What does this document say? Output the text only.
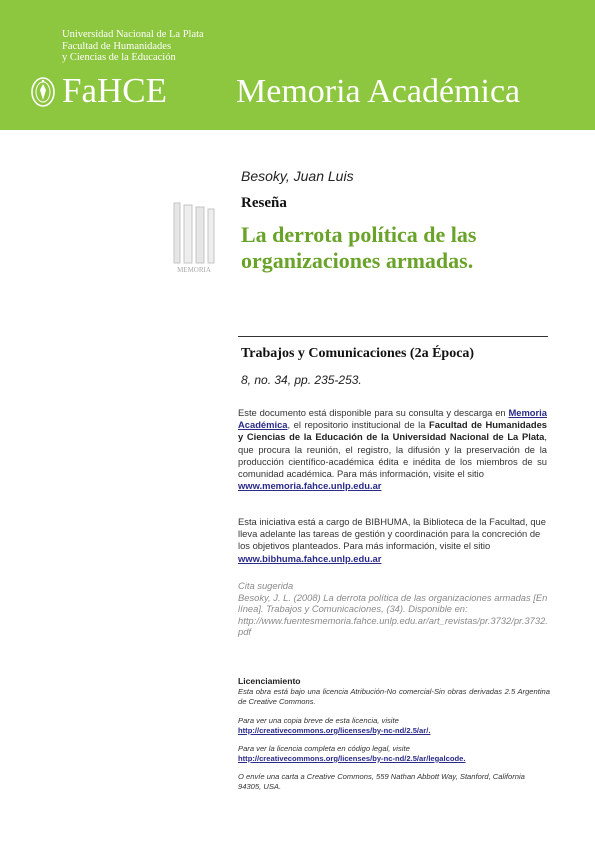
Universidad Nacional de La Plata
Facultad de Humanidades
y Ciencias de la Educación
FaHCE Memoria Académica
MEMORIA
Besoky, Juan Luis
Reseña
La derrota política de las organizaciones armadas.
Trabajos y Comunicaciones (2a Época)
8, no. 34, pp. 235-253.
Este documento está disponible para su consulta y descarga en Memoria Académica, el repositorio institucional de la Facultad de Humanidades y Ciencias de la Educación de la Universidad Nacional de La Plata, que procura la reunión, el registro, la difusión y la preservación de la producción científico-académica édita e inédita de los miembros de su comunidad académica. Para más información, visite el sitio
www.memoria.fahce.unlp.edu.ar
Esta iniciativa está a cargo de BIBHUMA, la Biblioteca de la Facultad, que lleva adelante las tareas de gestión y coordinación para la concreción de los objetivos planteados. Para más información, visite el sitio
www.bibhuma.fahce.unlp.edu.ar
Cita sugerida
Besoky, J. L. (2008) La derrota política de las organizaciones armadas [En línea]. Trabajos y Comunicaciones, (34). Disponible en:
http://www.fuentesmemoria.fahce.unlp.edu.ar/art_revistas/pr.3732/pr.3732.pdf
Licenciamiento
Esta obra está bajo una licencia Atribución-No comercial-Sin obras derivadas 2.5 Argentina de Creative Commons.
Para ver una copia breve de esta licencia, visite
http://creativecommons.org/licenses/by-nc-nd/2.5/ar/.
Para ver la licencia completa en código legal, visite
http://creativecommons.org/licenses/by-nc-nd/2.5/ar/legalcode.
O envíe una carta a Creative Commons, 559 Nathan Abbott Way, Stanford, California 94305, USA.
